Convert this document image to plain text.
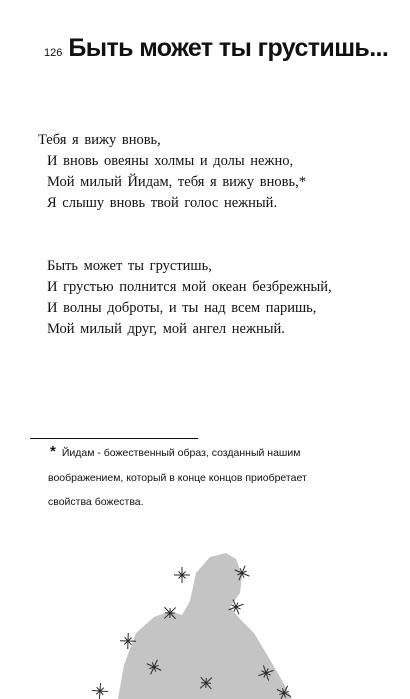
126 Быть может ты грустишь...
Тебя я вижу вновь,
И вновь овеяны холмы и долы нежно,
Мой милый Йидам, тебя я вижу вновь,*
Я слышу вновь твой голос нежный.
Быть может ты грустишь,
И грустью полнится мой океан безбрежный,
И волны доброты, и ты над всем паришь,
Мой милый друг, мой ангел нежный.
* Йидам - божественный образ, созданный нашим
воображением, который в конце концов приобретает
свойства божества.
